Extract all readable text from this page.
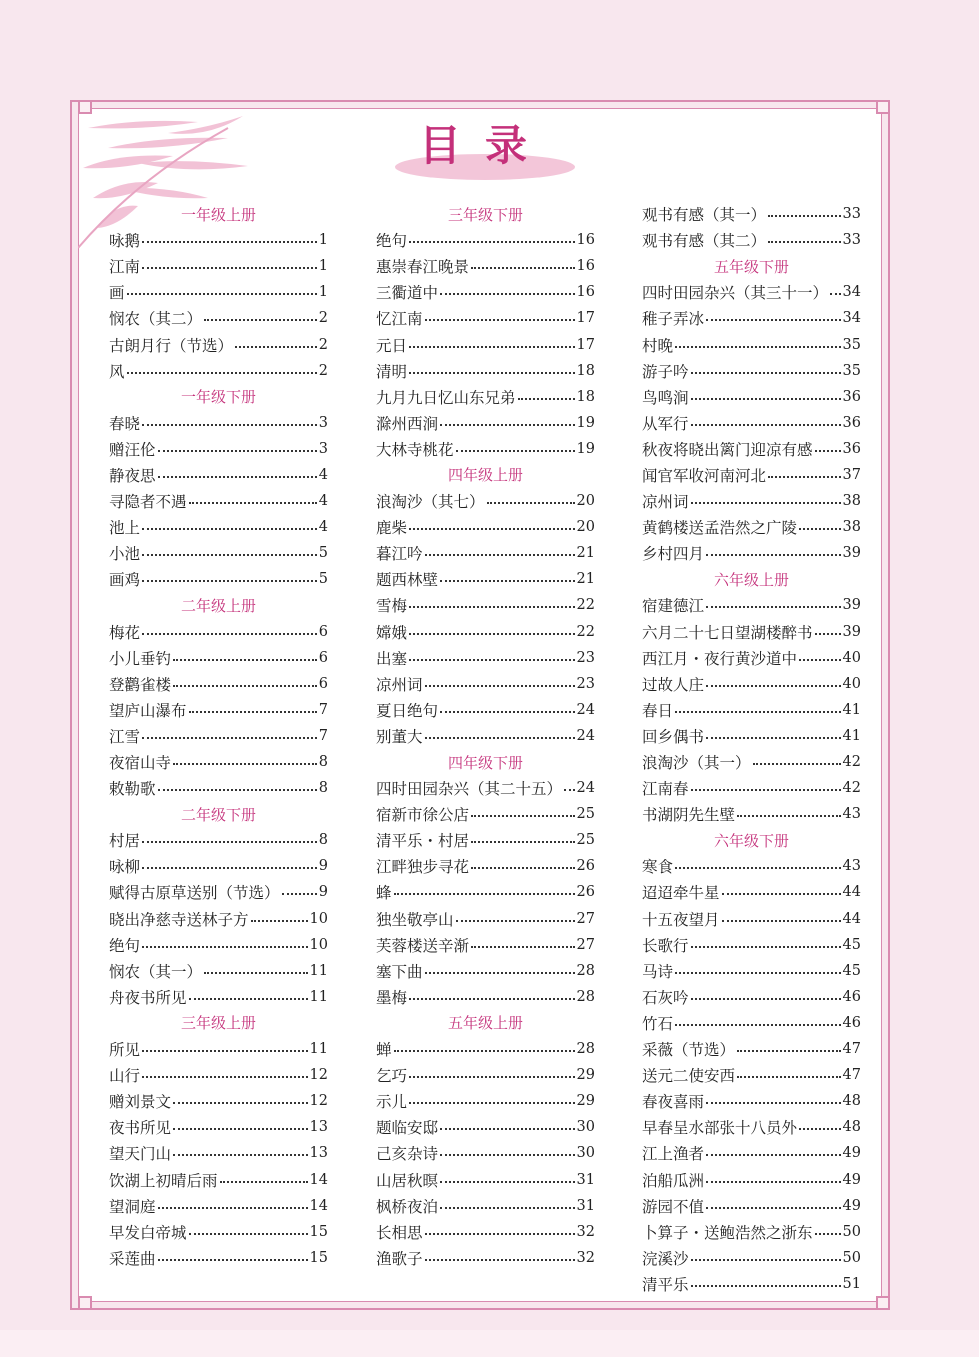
目录
一年级上册
咏鹅	1
江南	1
画	1
悯农（其二）	2
古朗月行（节选）	2
风	2
一年级下册
春晓	3
赠汪伦	3
静夜思	4
寻隐者不遇	4
池上	4
小池	5
画鸡	5
二年级上册
梅花	6
小儿垂钓	6
登鹳雀楼	6
望庐山瀑布	7
江雪	7
夜宿山寺	8
敕勒歌	8
二年级下册
村居	8
咏柳	9
赋得古原草送别（节选）	9
晓出净慈寺送林子方	10
绝句	10
悯农（其一）	11
舟夜书所见	11
三年级上册
所见	11
山行	12
赠刘景文	12
夜书所见	13
望天门山	13
饮湖上初晴后雨	14
望洞庭	14
早发白帝城	15
采莲曲	15
三年级下册
绝句	16
惠崇春江晚景	16
三衢道中	16
忆江南	17
元日	17
清明	18
九月九日忆山东兄弟	18
滁州西涧	19
大林寺桃花	19
四年级上册
浪淘沙（其七）	20
鹿柴	20
暮江吟	21
题西林壁	21
雪梅	22
嫦娥	22
出塞	23
凉州词	23
夏日绝句	24
别董大	24
四年级下册
四时田园杂兴（其二十五） 24
宿新市徐公店	25
清平乐・村居	25
江畔独步寻花	26
蜂	26
独坐敬亭山	27
芙蓉楼送辛渐	27
塞下曲	28
墨梅	28
五年级上册
蝉	28
乞巧	29
示儿	29
题临安邸	30
己亥杂诗	30
山居秋暝	31
枫桥夜泊	31
长相思	32
渔歌子	32
观书有感（其一）	33
观书有感（其二）	33
五年级下册
四时田园杂兴（其三十一） 34
稚子弄冰	34
村晚	35
游子吟	35
鸟鸣涧	36
从军行	36
秋夜将晓出篱门迎凉有感 36
闻官军收河南河北	37
凉州词	38
黄鹤楼送孟浩然之广陵	38
乡村四月	39
六年级上册
宿建德江	39
六月二十七日望湖楼醉书 39
西江月・夜行黄沙道中	40
过故人庄	40
春日	41
回乡偶书	41
浪淘沙（其一）	42
江南春	42
书湖阴先生壁	43
六年级下册
寒食	43
迢迢牵牛星	44
十五夜望月	44
长歌行	45
马诗	45
石灰吟	46
竹石	46
采薇（节选）	47
送元二使安西	47
春夜喜雨	48
早春呈水部张十八员外	48
江上渔者	49
泊船瓜洲	49
游园不值	49
卜算子・送鲍浩然之浙东 50
浣溪沙	50
清平乐	51
